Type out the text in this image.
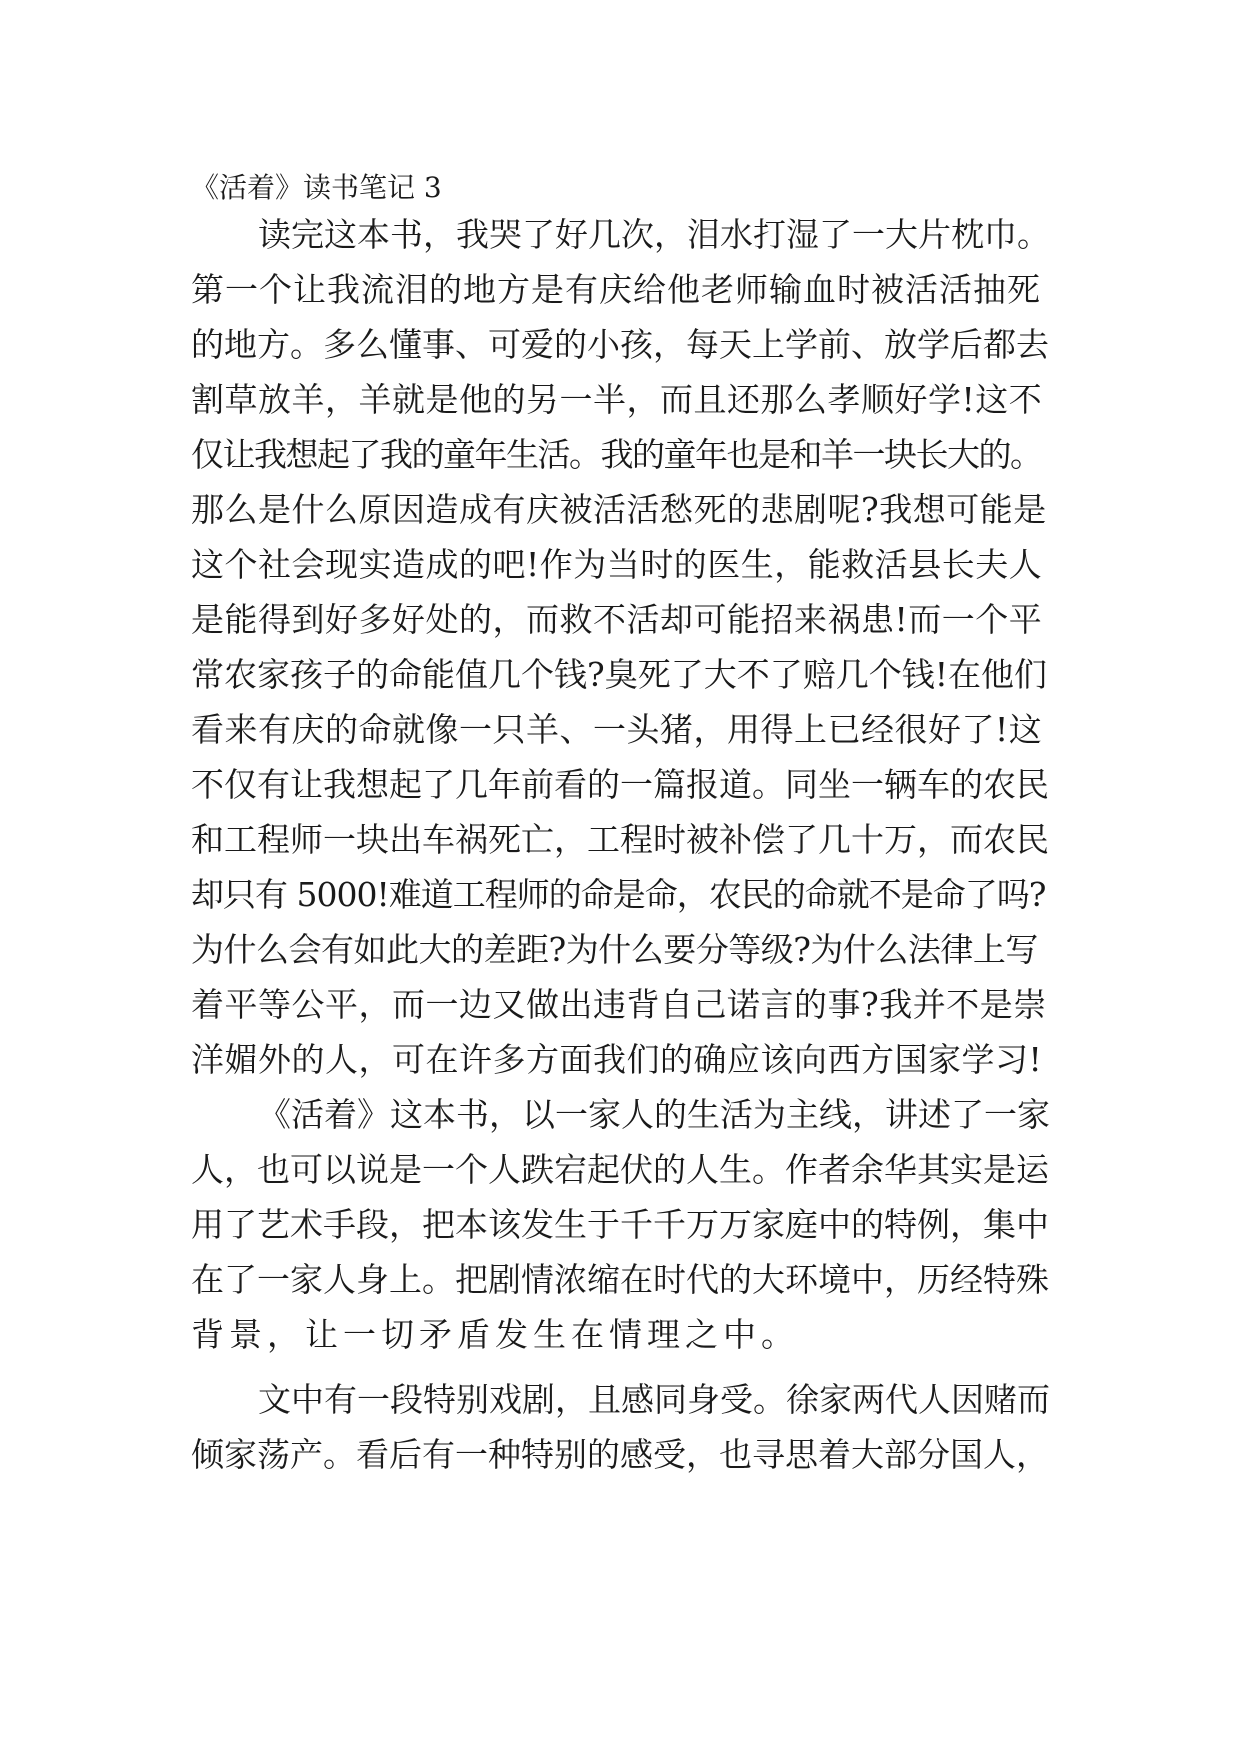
《活着》读书笔记 3
读完这本书，我哭了好几次，泪水打湿了一大片枕巾。
第一个让我流泪的地方是有庆给他老师输血时被活活抽死
的地方。多么懂事、可爱的小孩，每天上学前、放学后都去
割草放羊，羊就是他的另一半，而且还那么孝顺好学!这不
仅让我想起了我的童年生活。我的童年也是和羊一块长大的。
那么是什么原因造成有庆被活活愁死的悲剧呢?我想可能是
这个社会现实造成的吧!作为当时的医生，能救活县长夫人
是能得到好多好处的，而救不活却可能招来祸患!而一个平
常农家孩子的命能值几个钱?臭死了大不了赔几个钱!在他们
看来有庆的命就像一只羊、一头猪，用得上已经很好了!这
不仅有让我想起了几年前看的一篇报道。同坐一辆车的农民
和工程师一块出车祸死亡，工程时被补偿了几十万，而农民
却只有 5000!难道工程师的命是命，农民的命就不是命了吗?
为什么会有如此大的差距?为什么要分等级?为什么法律上写
着平等公平，而一边又做出违背自己诺言的事?我并不是崇
洋媚外的人，可在许多方面我们的确应该向西方国家学习!
《活着》这本书，以一家人的生活为主线，讲述了一家
人，也可以说是一个人跌宕起伏的人生。作者余华其实是运
用了艺术手段，把本该发生于千千万万家庭中的特例，集中
在了一家人身上。把剧情浓缩在时代的大环境中，历经特殊
背景，让一切矛盾发生在情理之中。
文中有一段特别戏剧，且感同身受。徐家两代人因赌而
倾家荡产。看后有一种特别的感受，也寻思着大部分国人，
